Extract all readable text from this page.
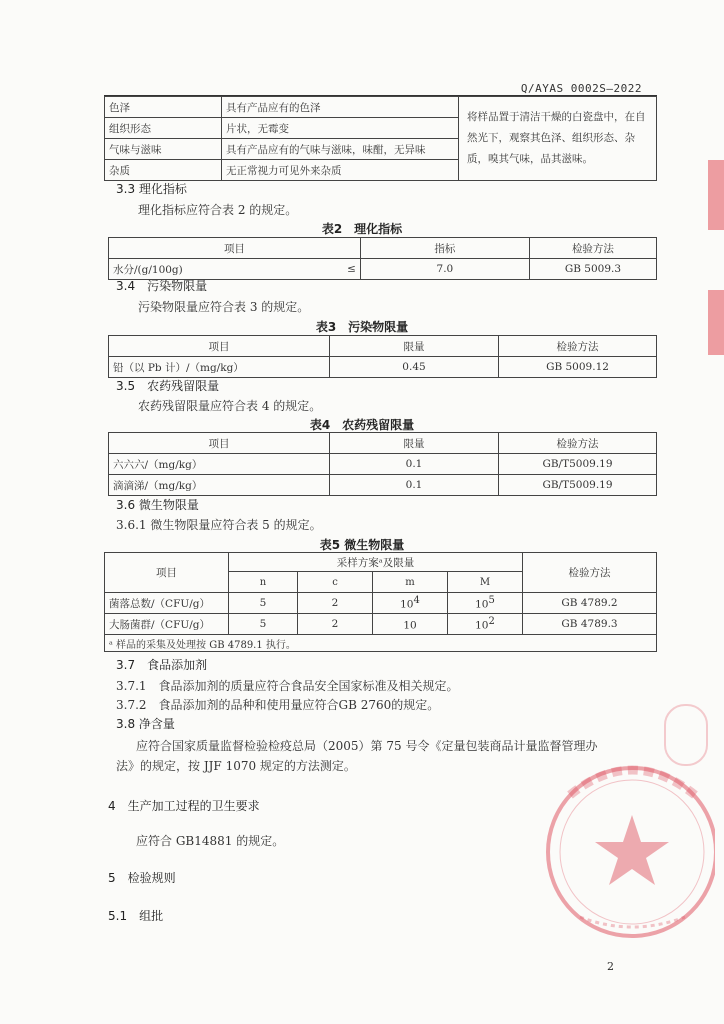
Q/AYAS 0002S—2022
色泽	具有产品应有的色泽	将样品置于清洁干燥的白瓷盘中，在自然光下，观察其色泽、组织形态、杂质，嗅其气味，品其滋味。
组织形态	片状，无霉变	
气味与滋味	具有产品应有的气味与滋味，味酣，无异味	
杂质	无正常视力可见外来杂质	
3.3 理化指标
理化指标应符合表 2 的规定。
表2　理化指标
项目		指标	检验方法
水分/(g/100g)	≤	7.0	GB 5009.3
3.4　污染物限量
污染物限量应符合表 3 的规定。
表3　污染物限量
项目	限量	检验方法
铅（以 Pb 计）/（mg/kg）	0.45	GB 5009.12
3.5　农药残留限量
农药残留限量应符合表 4 的规定。
表4　农药残留限量
项目	限量	检验方法
六六六/（mg/kg）	0.1	GB/T5009.19
滴滴涕/（mg/kg）	0.1	GB/T5009.19
3.6 微生物限量
3.6.1 微生物限量应符合表 5 的规定。
表5 微生物限量
项目	采样方案ᵃ及限量				检验方法
	n	c	m	M	
菌落总数/（CFU/g）	5	2	$10^4$	$10^5$	GB 4789.2
大肠菌群/（CFU/g）	5	2	10	$10^2$	GB 4789.3
ᵃ 样品的采集及处理按 GB 4789.1 执行。					
3.7　食品添加剂
3.7.1　食品添加剂的质量应符合食品安全国家标准及相关规定。
3.7.2　食品添加剂的品种和使用量应符合GB 2760的规定。
3.8 净含量
应符合国家质量监督检验检疫总局（2005）第 75 号令《定量包装商品计量监督管理办
法》的规定，按 JJF 1070 规定的方法测定。
4　生产加工过程的卫生要求
应符合 GB14881 的规定。
5　检验规则
5.1　组批
2
